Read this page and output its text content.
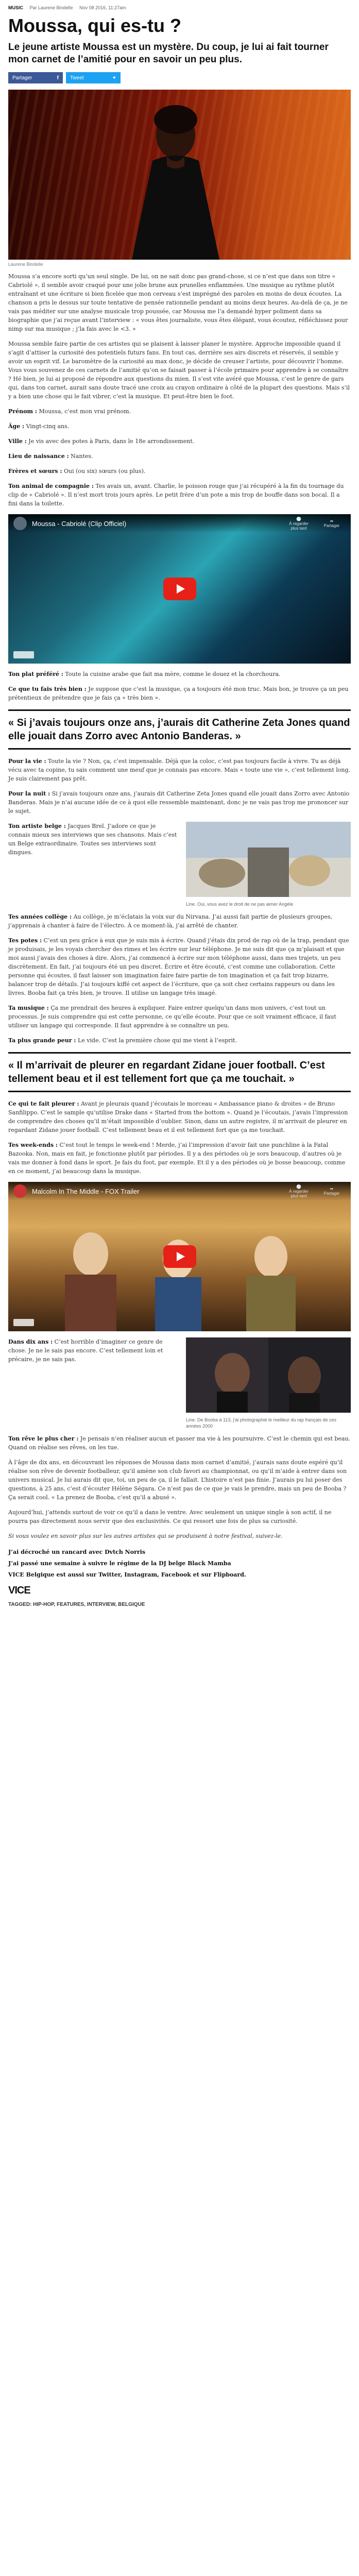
MUSIC Par Laurene Bindelle Nov 08 2016, 11:27am
Moussa, qui es-tu ?

Le jeune artiste Moussa est un mystère. Du coup, je lui ai fait tourner mon carnet de l’amitié pour en savoir un peu plus.

Partager	f Tweet	✦
Laurene Bindelle

Moussa s’a encore sorti qu’un seul single. De lui, on ne sait donc pas grand-chose, si ce n’est que dans son titre « Cabriolé », il semble avoir craqué pour une jolie brune aux prunelles enflammées. Une musique au rythme plutôt entraînant et une écriture si bien ficelée que mon cerveau s’est imprégné des paroles en moins de deux écoutes. La chanson a pris le dessus sur toute tentative de pensée rationnelle pendant au moins deux heures. Au-delà de ça, je ne vais pas méditer sur une analyse musicale trop poussée, car Moussa me l’a demandé hyper poliment dans sa biographie que j’ai reçue avant l’interview : « vous êtes journaliste, vous êtes élégant, vous écoutez, réfléchissez pour nimp sur ma musique ; j’la fais avec le <3. »

Moussa semble faire partie de ces artistes qui se plaisent à laisser planer le mystère. Approche impossible quand il s’agit d’attiser la curiosité des potentiels futurs fans. En tout cas, derrière ses airs discrets et réservés, il semble y avoir un esprit vif. Le baromètre de la curiosité au max donc, je décide de creuser l’artiste, pour découvrir l’homme. Vous vous souvenez de ces carnets de l’amitié qu’on se faisait passer à l’école primaire pour apprendre à se connaître ? Hé bien, je lui ai proposé de répondre aux questions du mien. Il s’est vite avéré que Moussa, c’est le genre de gars qui, dans ton carnet, aurait sans doute tracé une croix au crayon ordinaire à côté de la plupart des questions. Mais s’il y a bien une chose qui le fait vibrer, c’est la musique. Et peut-être bien le foot.

Prénom : Moussa, c’est mon vrai prénom.

Âge : Vingt-cinq ans.

Ville : Je vis avec des potes à Paris, dans le 18e arrondissement.

Lieu de naissance : Nantes.

Frères et sœurs : Oui (ou six) sœurs (ou plus).

Ton animal de compagnie : Tes avais un, avant. Charlie, le poisson rouge que j’ai récupéré à la fin du tournage du clip de « Cabriolé ». Il n’est mort trois jours après. Le petit frère d’un pote a mis trop de bouffe dans son bocal. Il a fini dans la toilette.

Moussa - Cabriolé (Clip Officiel)
🕑
À regarder plus tard
➦
Partager

Ton plat préféré : Toute la cuisine arabe que fait ma mère, comme le douez et la chorchoura.

Ce que tu fais très bien : Je suppose que c’est la musique, ça a toujours été mon truc. Mais bon, je trouve ça un peu prétentieux de prétendre que je fais ça « très bien ».

« Si j’avais toujours onze ans, j’aurais dit Catherine Zeta Jones quand elle jouait dans Zorro avec Antonio Banderas. »

Pour la vie : Toute la vie ? Non, ça, c’est impensable. Déjà que la coloc, c’est pas toujours facile à vivre. Tu as déjà vécu avec ta copine, tu sais comment une meuf que je connais pas encore. Mais « toute une vie », c’est tellement long. Je suis clairement pas prêt.

Pour la nuit : Si j’avais toujours onze ans, j’aurais dit Catherine Zeta Jones quand elle jouait dans Zorro avec Antonio Banderas. Mais je n’ai aucune idée de ce à quoi elle ressemble maintenant, donc je ne vais pas trop me prononcer sur le sujet.

Line. Oui, vous avez le droit de ne pas aimer Angèle

Ton artiste belge : Jacques Brel. J’adore ce que je connais mieux ses interviews que ses chansons. Mais c’est un Belge extraordinaire. Toutes ses interviews sont dingues.

Tes années collège : Au collège, je m’éclatais la voix sur du Nirvana. J’ai aussi fait partie de plusieurs groupes, j’apprenais à chanter à faire de l’électro. À ce moment-là, j’ai arrêté de chanter.

Tes potes : C’est un peu grâce à eux que je suis mis à écrire. Quand j’étais dix prod de rap où de la trap, pendant que je produisais, je les voyais chercher des rimes et les écrire sur leur téléphone. Je me suis dit que ça m’plaisait et que moi aussi j’avais des choses à dire. Alors, j’ai commencé à écrire sur mon téléphone aussi, dans mes trajets, un peu discrètement. En fait, j’ai toujours été un peu discret. Écrire et être écouté, c’est comme une collaboration. Cette personne qui écoutes, il faut laisser son imagination faire faire partie de ton imagination et ça fait trop bizarre, balancer trop de détails. J’ai toujours kiffé cet aspect de l’écriture, que ça soit chez certains rappeurs ou dans les livres. Booba fait ça très bien, je trouve. Il utilise un langage très imagé.

Ta musique : Ça me prendrait des heures à expliquer. Faire entrer quelqu’un dans mon univers, c’est tout un processus. Je suis comprendre qui est cette personne, ce qu’elle écoute. Pour que ce soit vraiment efficace, il faut utiliser un langage qui corresponde. Il faut apprendre à se connaître un peu.

Ta plus grande peur : Le vide. C’est la première chose qui me vient à l’esprit.

« Il m’arrivait de pleurer en regardant Zidane jouer football. C’est tellement beau et il est tellement fort que ça me touchait. »

Ce qui te fait pleurer : Avant je pleurais quand j’écoutais le morceau « Ambassance piano & droites » de Bruno Sanfilippo. C’est le sample qu’utilise Drake dans « Started from the bottom ». Quand je l’écoutais, j’avais l’impression de comprendre des choses qu’il m’était impossible d’oublier. Sinon, dans un autre registre, il m’arrivait de pleurer en regardant Zidane jouer football. C’est tellement beau et il est tellement fort que ça me touchait.

Tes week-ends : C’est tout le temps le week-end ! Merde, j’ai l’impression d’avoir fait une punchline à la Fatal Bazooka. Non, mais en fait, je fonctionne plutôt par périodes. Il y a des périodes où je sors beaucoup, d’autres où je vais me donner à fond dans le sport. Je fais du foot, par exemple. Et il y a des périodes où je bosse beaucoup, comme en ce moment, j’ai beaucoup dans la musique.

Malcolm In The Middle - FOX Trailer
🕑
À regarder plus tard
➦
Partager
Line. De Booba à 113, j’ai photographié le meilleur du rap français de ces années 2000

Dans dix ans : C’est horrible d’imaginer ce genre de chose. Je ne le sais pas encore. C’est tellement loin et précaire, je ne sais pas.

Ton rêve le plus cher : Je pensais n’en réaliser aucun et passer ma vie à les poursuivre. C’est le chemin qui est beau. Quand on réalise ses rêves, on les tue.

À l’âge de dix ans, en découvrant les réponses de Moussa dans mon carnet d’amitié, j’aurais sans doute espéré qu’il réalise son rêve de devenir footballeur, qu’il amène son club favori au championnat, ou qu’il m’aide à entrer dans son univers musical. Je lui aurais dit que, toi, un peu de ça, il le fallait. L’histoire n’est pas finie. J’aurais pu lui poser des questions, à 25 ans, c’est d’écouter Hélène Ségara. Ce n’est pas de ce que je vais le prendre, mais un peu de Booba ? Ça serait cool. « La prenez de Booba, c’est qu’il a abusé ».

Aujourd’hui, j’attends surtout de voir ce qu’il a dans le ventre. Avec seulement un unique single à son actif, il ne pourra pas directement nous servir que des exclusivités. Ce qui ressort une fois de plus sa curiosité.

Si vous voulez en savoir plus sur les autres artistes qui se produisent à notre festival, suivez-le.

J’ai décroché un rancard avec Dvtch Norris
J’ai passé une semaine à suivre le régime de la DJ belge Black Mamba
VICE Belgique est aussi sur Twitter, Instagram, Facebook et sur Flipboard.
VICE
TAGGED: HIP-HOP, FEATURES, INTERVIEW, BELGIQUE
